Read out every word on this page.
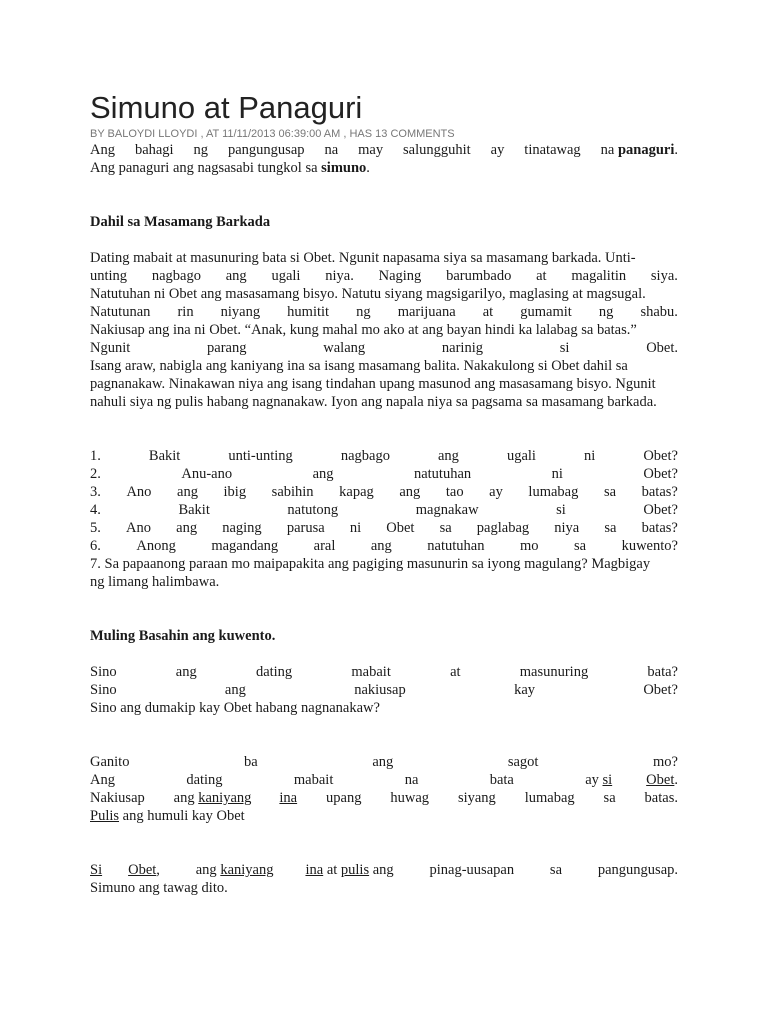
Simuno at Panaguri
BY BALOYDI LLOYDI , AT 11/11/2013 06:39:00 AM , HAS 13 COMMENTS
Ang bahagi ng pangungusap na may salungguhit ay tinatawag na panaguri.
Ang panaguri ang nagsasabi tungkol sa simuno.
Dahil sa Masamang Barkada
Dating mabait at masunuring bata si Obet. Ngunit napasama siya sa masamang barkada. Unti-
unting nagbago ang ugali niya. Naging barumbado at magalitin siya.
Natutuhan ni Obet ang masasamang bisyo. Natutu siyang magsigarilyo, maglasing at magsugal.
Natutunan rin niyang humitit ng marijuana at gumamit ng shabu.
Nakiusap ang ina ni Obet. “Anak, kung mahal mo ako at ang bayan hindi ka lalabag sa batas.”
Ngunit	parang	walang	narinig	si	Obet.
Isang araw, nabigla ang kaniyang ina sa isang masamang balita. Nakakulong si Obet dahil sa
pagnanakaw. Ninakawan niya ang isang tindahan upang masunod ang masasamang bisyo. Ngunit
nahuli siya ng pulis habang nagnanakaw. Iyon ang napala niya sa pagsama sa masamang barkada.
1.	Bakit	unti-unting	nagbago	ang	ugali	ni	Obet?
2.	Anu-ano	ang	natutuhan	ni	Obet?
3. Ano ang ibig sabihin kapag ang tao ay lumabag sa batas?
4.	Bakit	natutong	magnakaw	si	Obet?
5. Ano ang naging parusa ni Obet sa paglabag niya sa batas?
6. Anong magandang aral ang natutuhan mo sa kuwento?
7. Sa papaanong paraan mo maipapakita ang pagiging masunurin sa iyong magulang? Magbigay
ng limang halimbawa.
Muling Basahin ang kuwento.
Sino	ang	dating	mabait	at	masunuring	bata?
Sino	ang	nakiusap	kay	Obet?
Sino ang dumakip kay Obet habang nagnanakaw?
Ganito	ba	ang	sagot	mo?
Ang	dating	mabait	na	bata	ay si Obet.
Nakiusap ang kaniyang ina upang huwag siyang lumabag sa batas.
Pulis ang humuli kay Obet
Si Obet, ang kaniyang ina at pulis ang pinag-uusapan sa pangungusap.
Simuno ang tawag dito.
